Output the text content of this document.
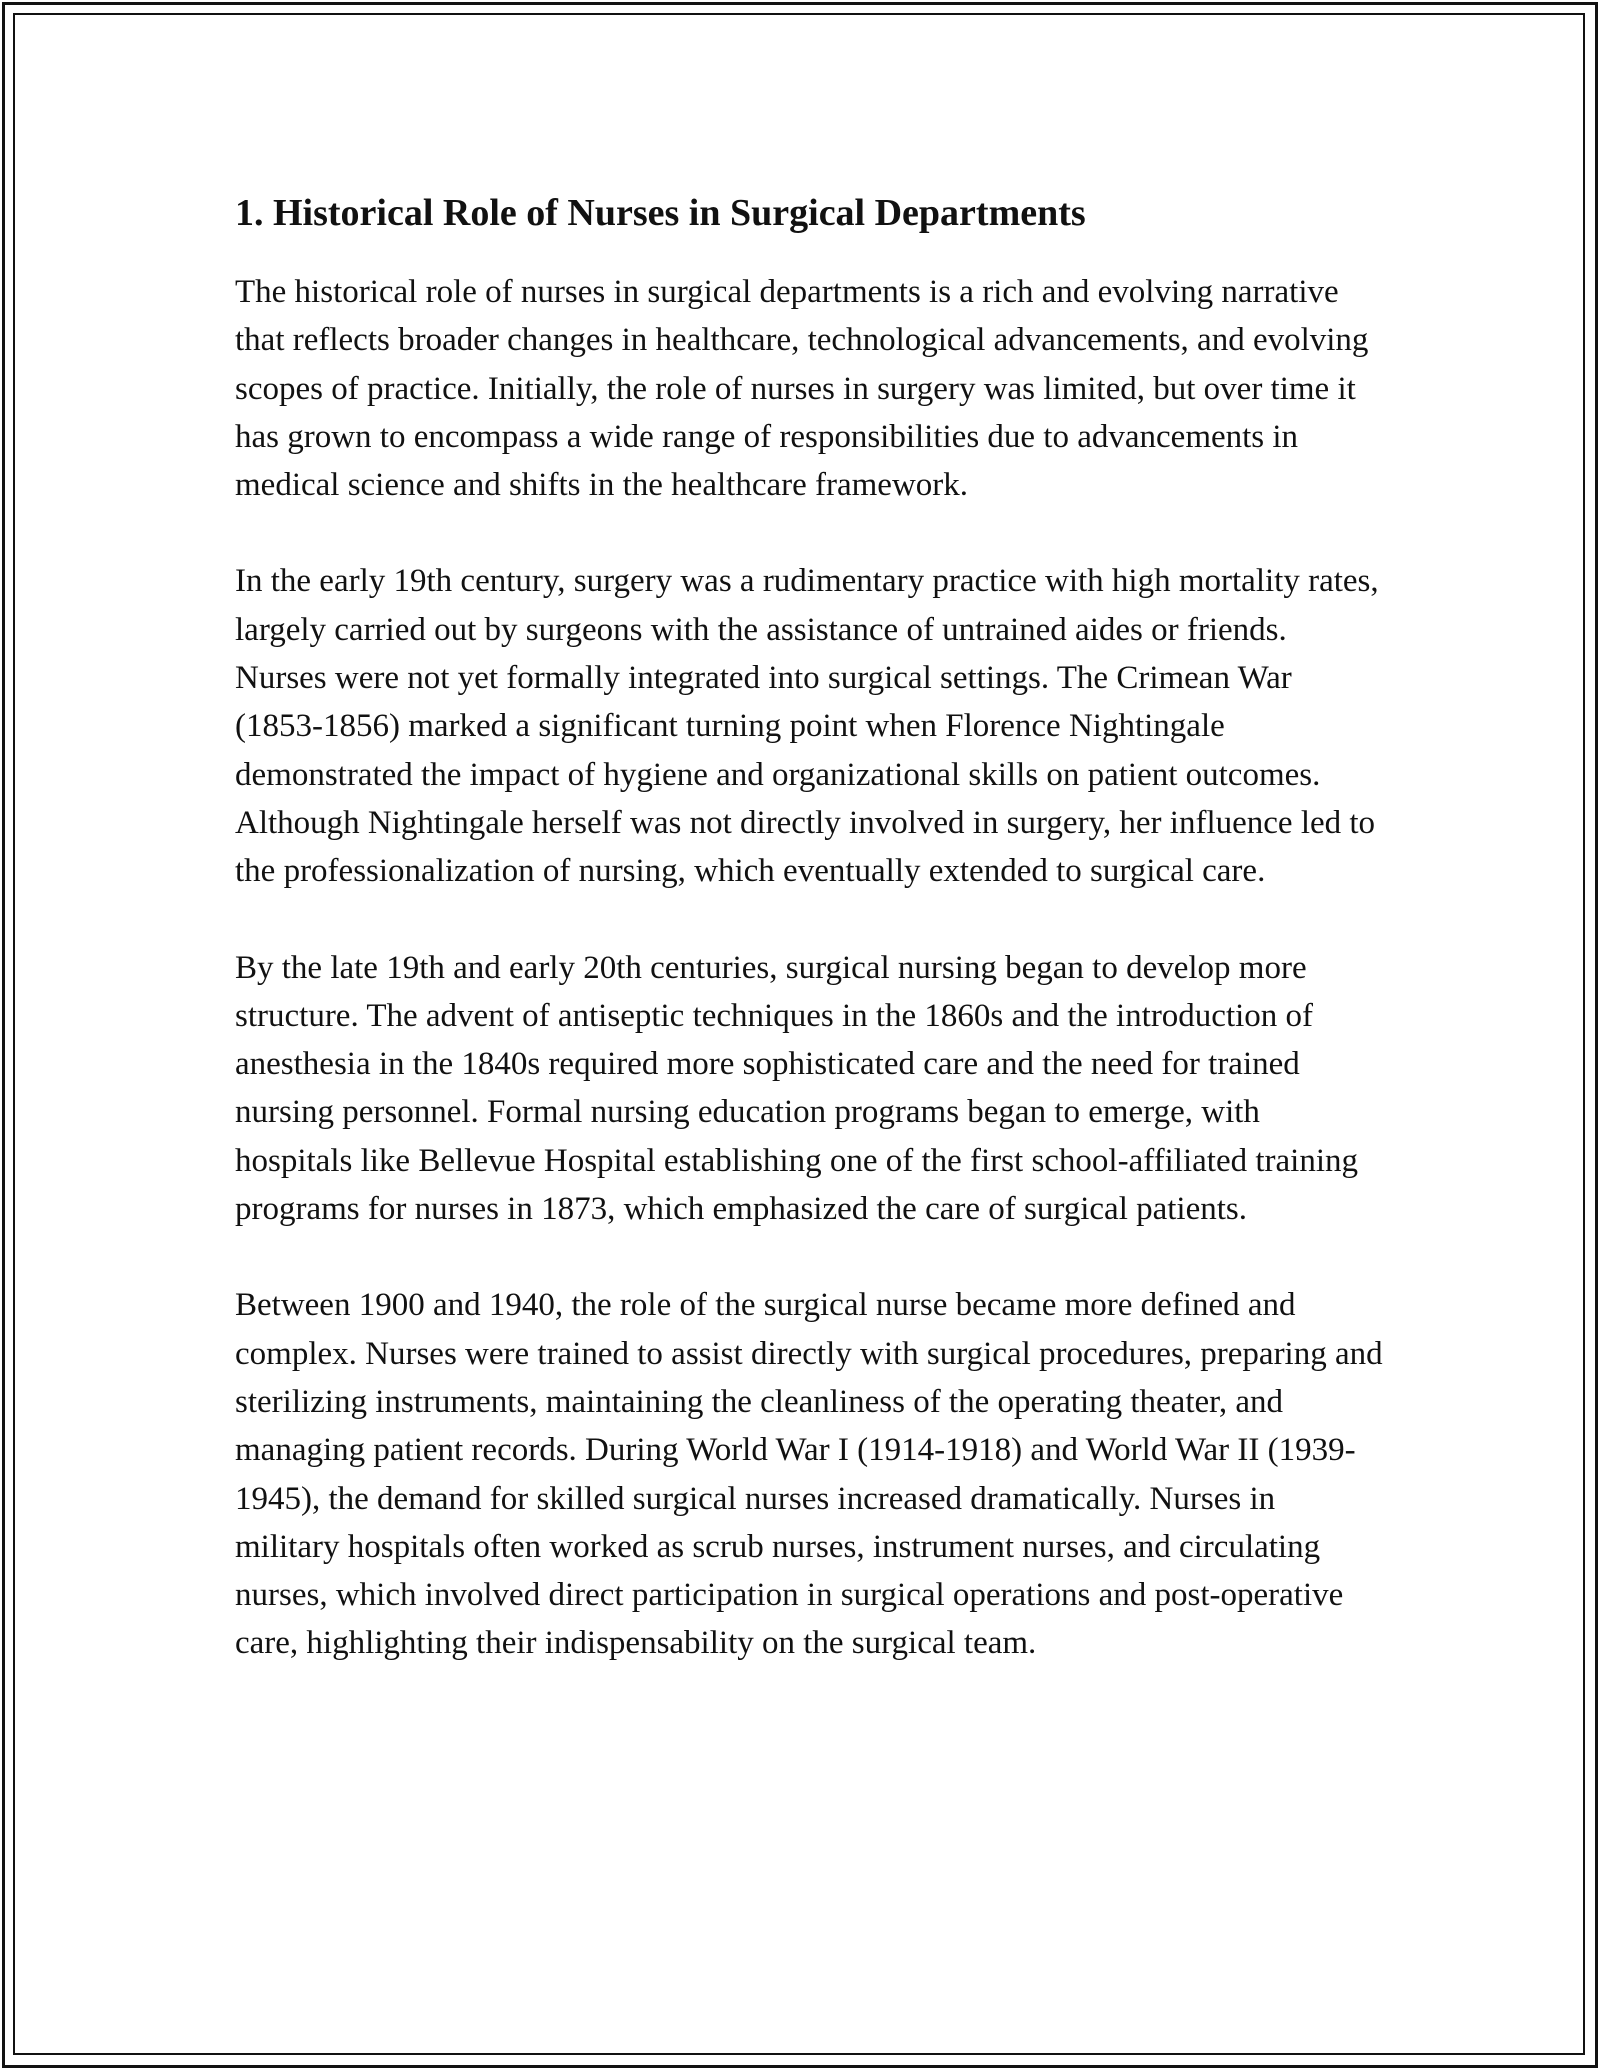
1. Historical Role of Nurses in Surgical Departments

The historical role of nurses in surgical departments is a rich and evolving narrative that reflects broader changes in healthcare, technological advancements, and evolving scopes of practice. Initially, the role of nurses in surgery was limited, but over time it has grown to encompass a wide range of responsibilities due to advancements in medical science and shifts in the healthcare framework.

In the early 19th century, surgery was a rudimentary practice with high mortality rates, largely carried out by surgeons with the assistance of untrained aides or friends. Nurses were not yet formally integrated into surgical settings. The Crimean War (1853-1856) marked a significant turning point when Florence Nightingale demonstrated the impact of hygiene and organizational skills on patient outcomes. Although Nightingale herself was not directly involved in surgery, her influence led to the professionalization of nursing, which eventually extended to surgical care.

By the late 19th and early 20th centuries, surgical nursing began to develop more structure. The advent of antiseptic techniques in the 1860s and the introduction of anesthesia in the 1840s required more sophisticated care and the need for trained nursing personnel. Formal nursing education programs began to emerge, with hospitals like Bellevue Hospital establishing one of the first school-affiliated training programs for nurses in 1873, which emphasized the care of surgical patients.

Between 1900 and 1940, the role of the surgical nurse became more defined and complex. Nurses were trained to assist directly with surgical procedures, preparing and sterilizing instruments, maintaining the cleanliness of the operating theater, and managing patient records. During World War I (1914-1918) and World War II (1939-1945), the demand for skilled surgical nurses increased dramatically. Nurses in military hospitals often worked as scrub nurses, instrument nurses, and circulating nurses, which involved direct participation in surgical operations and post-operative care, highlighting their indispensability on the surgical team.
